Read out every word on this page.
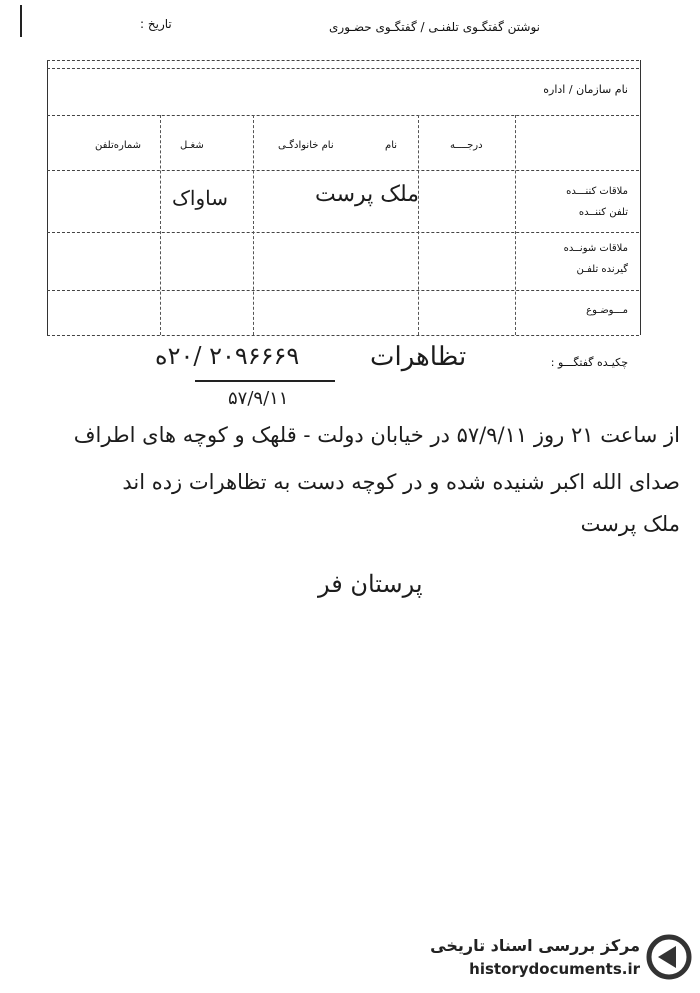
نوشتن گفتگـوی تلفنـی / گفتگـوی حضـوری
تاریخ :
نام سازمان / اداره
درجــــه
نام
نام خانوادگـی
شغـل
شماره‌تلفن
ملاقات کننـــده
تلفن کننــده
ملاقات شونــده
گیرنده تلفـن
مـــوضـوع
ملک پرست
ساواک
چکیـده گفتگـــو :
تظاهرات
۲۰۹۶۶۶۹ /۲۰ه
۵۷/۹/۱۱
از ساعت ۲۱ روز ۵۷/۹/۱۱ در خیابان دولت - قلهک و کوچه های اطراف
صدای الله اکبر شنیده شده و در کوچه دست به تظاهرات زده اند
ملک پرست
پرستان فر
مرکز بررسی اسناد تاریخی
historydocuments.ir
